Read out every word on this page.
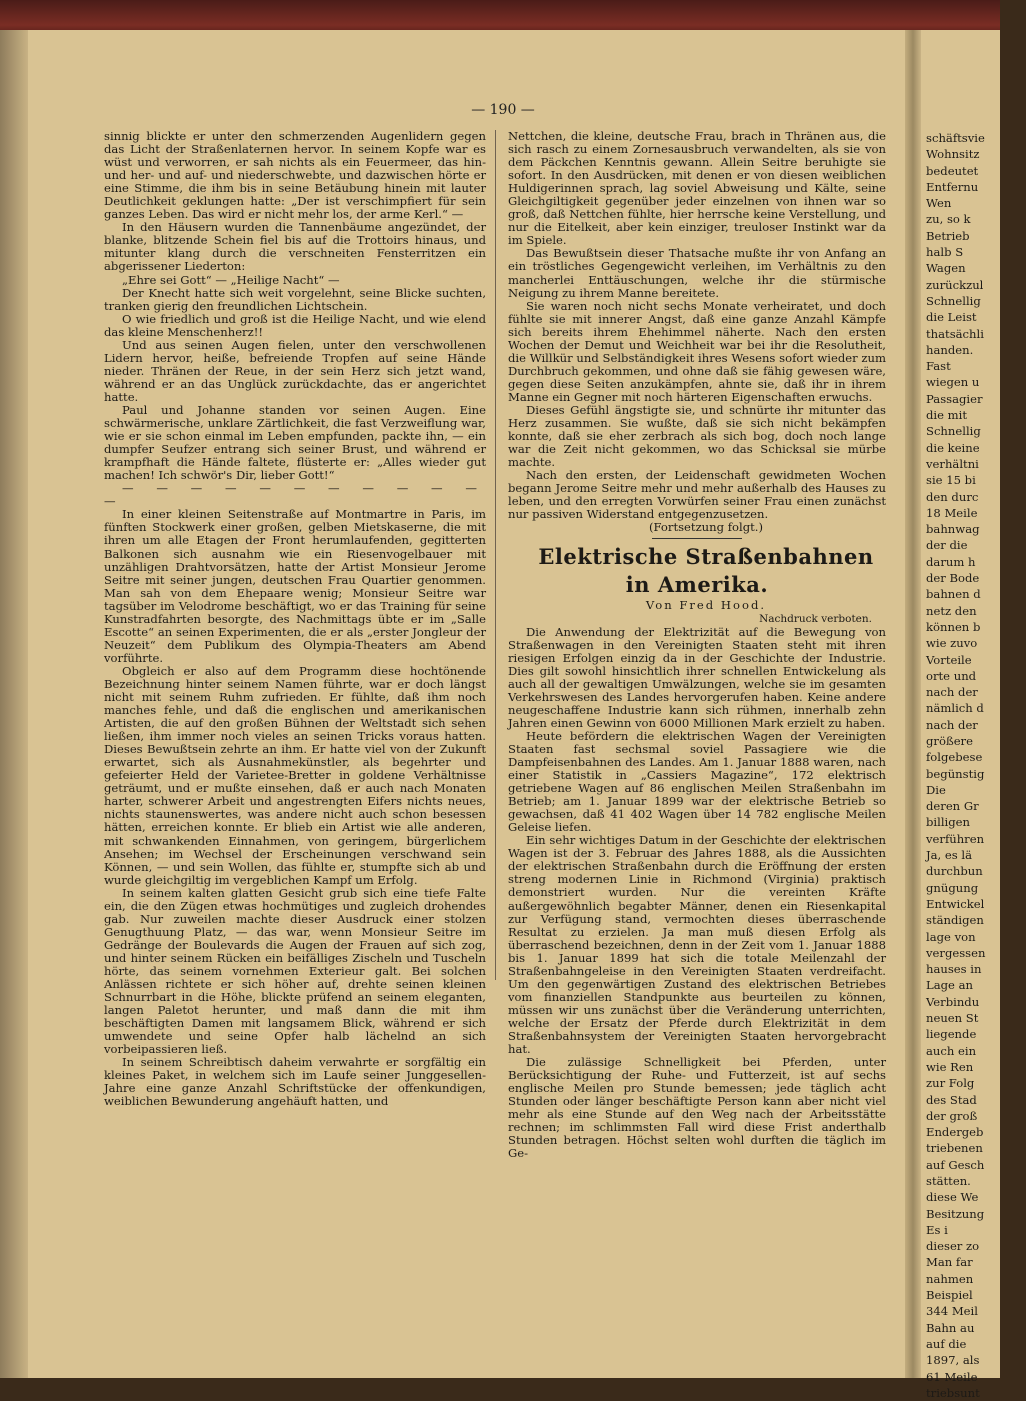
— 190 —

sinnig blickte er unter den schmerzenden Augenlidern gegen das Licht der Straßenlaternen hervor. In seinem Kopfe war es wüst und verworren, er sah nichts als ein Feuermeer, das hin- und her- und auf- und niederschwebte, und dazwischen hörte er eine Stimme, die ihm bis in seine Betäubung hinein mit lauter Deutlichkeit geklungen hatte: „Der ist verschimpfiert für sein ganzes Leben. Das wird er nicht mehr los, der arme Kerl.“ —

In den Häusern wurden die Tannenbäume angezündet, der blanke, blitzende Schein fiel bis auf die Trottoirs hinaus, und mitunter klang durch die verschneiten Fensterritzen ein abgerissener Liederton:

„Ehre sei Gott“ — „Heilige Nacht“ —

Der Knecht hatte sich weit vorgelehnt, seine Blicke suchten, tranken gierig den freundlichen Lichtschein.

O wie friedlich und groß ist die Heilige Nacht, und wie elend das kleine Menschenherz!!

Und aus seinen Augen fielen, unter den verschwollenen Lidern hervor, heiße, befreiende Tropfen auf seine Hände nieder. Thränen der Reue, in der sein Herz sich jetzt wand, während er an das Unglück zurückdachte, das er angerichtet hatte.

Paul und Johanne standen vor seinen Augen. Eine schwärmerische, unklare Zärtlichkeit, die fast Verzweiflung war, wie er sie schon einmal im Leben empfunden, packte ihn, — ein dumpfer Seufzer entrang sich seiner Brust, und während er krampfhaft die Hände faltete, flüsterte er: „Alles wieder gut machen! Ich schwör's Dir, lieber Gott!“

— — — — — — — — — — — —

In einer kleinen Seitenstraße auf Montmartre in Paris, im fünften Stockwerk einer großen, gelben Mietskaserne, die mit ihren um alle Etagen der Front herumlaufenden, gegitterten Balkonen sich ausnahm wie ein Riesenvogelbauer mit unzähligen Drahtvorsätzen, hatte der Artist Monsieur Jerome Seitre mit seiner jungen, deutschen Frau Quartier genommen. Man sah von dem Ehepaare wenig; Monsieur Seitre war tagsüber im Velodrome beschäftigt, wo er das Training für seine Kunstradfahrten besorgte, des Nachmittags übte er im „Salle Escotte“ an seinen Experimenten, die er als „erster Jongleur der Neuzeit“ dem Publikum des Olympia-Theaters am Abend vorführte.

Obgleich er also auf dem Programm diese hochtönende Bezeichnung hinter seinem Namen führte, war er doch längst nicht mit seinem Ruhm zufrieden. Er fühlte, daß ihm noch manches fehle, und daß die englischen und amerikanischen Artisten, die auf den großen Bühnen der Weltstadt sich sehen ließen, ihm immer noch vieles an seinen Tricks voraus hatten. Dieses Bewußtsein zehrte an ihm. Er hatte viel von der Zukunft erwartet, sich als Ausnahmekünstler, als begehrter und gefeierter Held der Varietee-Bretter in goldene Verhältnisse geträumt, und er mußte einsehen, daß er auch nach Monaten harter, schwerer Arbeit und angestrengten Eifers nichts neues, nichts staunenswertes, was andere nicht auch schon besessen hätten, erreichen konnte. Er blieb ein Artist wie alle anderen, mit schwankenden Einnahmen, von geringem, bürgerlichem Ansehen; im Wechsel der Erscheinungen verschwand sein Können, — und sein Wollen, das fühlte er, stumpfte sich ab und wurde gleichgiltig im vergeblichen Kampf um Erfolg.

In seinem kalten glatten Gesicht grub sich eine tiefe Falte ein, die den Zügen etwas hochmütiges und zugleich drohendes gab. Nur zuweilen machte dieser Ausdruck einer stolzen Genugthuung Platz, — das war, wenn Monsieur Seitre im Gedränge der Boulevards die Augen der Frauen auf sich zog, und hinter seinem Rücken ein beifälliges Zischeln und Tuscheln hörte, das seinem vornehmen Exterieur galt. Bei solchen Anlässen richtete er sich höher auf, drehte seinen kleinen Schnurrbart in die Höhe, blickte prüfend an seinem eleganten, langen Paletot herunter, und maß dann die mit ihm beschäftigten Damen mit langsamem Blick, während er sich umwendete und seine Opfer halb lächelnd an sich vorbeipassieren ließ.

In seinem Schreibtisch daheim verwahrte er sorgfältig ein kleines Paket, in welchem sich im Laufe seiner Junggesellen-Jahre eine ganze Anzahl Schriftstücke der offenkundigen, weiblichen Bewunderung angehäuft hatten, und

Nettchen, die kleine, deutsche Frau, brach in Thränen aus, die sich rasch zu einem Zornesausbruch verwandelten, als sie von dem Päckchen Kenntnis gewann. Allein Seitre beruhigte sie sofort. In den Ausdrücken, mit denen er von diesen weiblichen Huldigerinnen sprach, lag soviel Abweisung und Kälte, seine Gleichgiltigkeit gegenüber jeder einzelnen von ihnen war so groß, daß Nettchen fühlte, hier herrsche keine Verstellung, und nur die Eitelkeit, aber kein einziger, treuloser Instinkt war da im Spiele.

Das Bewußtsein dieser Thatsache mußte ihr von Anfang an ein tröstliches Gegengewicht verleihen, im Verhältnis zu den mancherlei Enttäuschungen, welche ihr die stürmische Neigung zu ihrem Manne bereitete.

Sie waren noch nicht sechs Monate verheiratet, und doch fühlte sie mit innerer Angst, daß eine ganze Anzahl Kämpfe sich bereits ihrem Ehehimmel näherte. Nach den ersten Wochen der Demut und Weichheit war bei ihr die Resolutheit, die Willkür und Selbständigkeit ihres Wesens sofort wieder zum Durchbruch gekommen, und ohne daß sie fähig gewesen wäre, gegen diese Seiten anzukämpfen, ahnte sie, daß ihr in ihrem Manne ein Gegner mit noch härteren Eigenschaften erwuchs.

Dieses Gefühl ängstigte sie, und schnürte ihr mitunter das Herz zusammen. Sie wußte, daß sie sich nicht bekämpfen konnte, daß sie eher zerbrach als sich bog, doch noch lange war die Zeit nicht gekommen, wo das Schicksal sie mürbe machte.

Nach den ersten, der Leidenschaft gewidmeten Wochen begann Jerome Seitre mehr und mehr außerhalb des Hauses zu leben, und den erregten Vorwürfen seiner Frau einen zunächst nur passiven Widerstand entgegenzusetzen.

(Fortsetzung folgt.)

Elektrische Straßenbahnen in Amerika.

Von Fred Hood.

Nachdruck verboten.

Die Anwendung der Elektrizität auf die Bewegung von Straßenwagen in den Vereinigten Staaten steht mit ihren riesigen Erfolgen einzig da in der Geschichte der Industrie. Dies gilt sowohl hinsichtlich ihrer schnellen Entwickelung als auch all der gewaltigen Umwälzungen, welche sie im gesamten Verkehrswesen des Landes hervorgerufen haben. Keine andere neugeschaffene Industrie kann sich rühmen, innerhalb zehn Jahren einen Gewinn von 6000 Millionen Mark erzielt zu haben.

Heute befördern die elektrischen Wagen der Vereinigten Staaten fast sechsmal soviel Passagiere wie die Dampfeisenbahnen des Landes. Am 1. Januar 1888 waren, nach einer Statistik in „Cassiers Magazine“, 172 elektrisch getriebene Wagen auf 86 englischen Meilen Straßenbahn im Betrieb; am 1. Januar 1899 war der elektrische Betrieb so gewachsen, daß 41 402 Wagen über 14 782 englische Meilen Geleise liefen.

Ein sehr wichtiges Datum in der Geschichte der elektrischen Wagen ist der 3. Februar des Jahres 1888, als die Aussichten der elektrischen Straßenbahn durch die Eröffnung der ersten streng modernen Linie in Richmond (Virginia) praktisch demonstriert wurden. Nur die vereinten Kräfte außergewöhnlich begabter Männer, denen ein Riesenkapital zur Verfügung stand, vermochten dieses überraschende Resultat zu erzielen. Ja man muß diesen Erfolg als überraschend bezeichnen, denn in der Zeit vom 1. Januar 1888 bis 1. Januar 1899 hat sich die totale Meilenzahl der Straßenbahngeleise in den Vereinigten Staaten verdreifacht. Um den gegenwärtigen Zustand des elektrischen Betriebes vom finanziellen Standpunkte aus beurteilen zu können, müssen wir uns zunächst über die Veränderung unterrichten, welche der Ersatz der Pferde durch Elektrizität in dem Straßenbahnsystem der Vereinigten Staaten hervorgebracht hat.

Die zulässige Schnelligkeit bei Pferden, unter Berücksichtigung der Ruhe- und Futterzeit, ist auf sechs englische Meilen pro Stunde bemessen; jede täglich acht Stunden oder länger beschäftigte Person kann aber nicht viel mehr als eine Stunde auf den Weg nach der Arbeitsstätte rechnen; im schlimmsten Fall wird diese Frist anderthalb Stunden betragen. Höchst selten wohl durften die täglich im Ge-

schäftsvie
Wohnsitz
bedeutet
Entfernu
Wen
zu, so k
Betrieb
halb S
Wagen
zurückzul
Schnellig
die Leist
thatsächli
handen.
Fast
wiegen u
Passagier
die mit
Schnellig
die keine
verhältni
sie 15 bi
den durc
18 Meile
bahnwag
der die
darum h
der Bode
bahnen d
netz den
können b
wie zuvo
Vorteile
orte und
nach der
nämlich d
nach der
größere
folgebese
begünstig
Die
deren Gr
billigen
verführen
Ja, es lä
durchbun
gnügung
Entwickel
ständigen
lage von
vergessen
hauses in
Lage an
Verbindu
neuen St
liegende
auch ein
wie Ren
zur Folg
des Stad
der groß
Endergeb
triebenen
auf Gesch
stätten.
diese We
Besitzung
Es i
dieser zo
Man far
nahmen
Beispiel
344 Meil
Bahn au
auf die
1897, als
61 Meile
triebsunt
